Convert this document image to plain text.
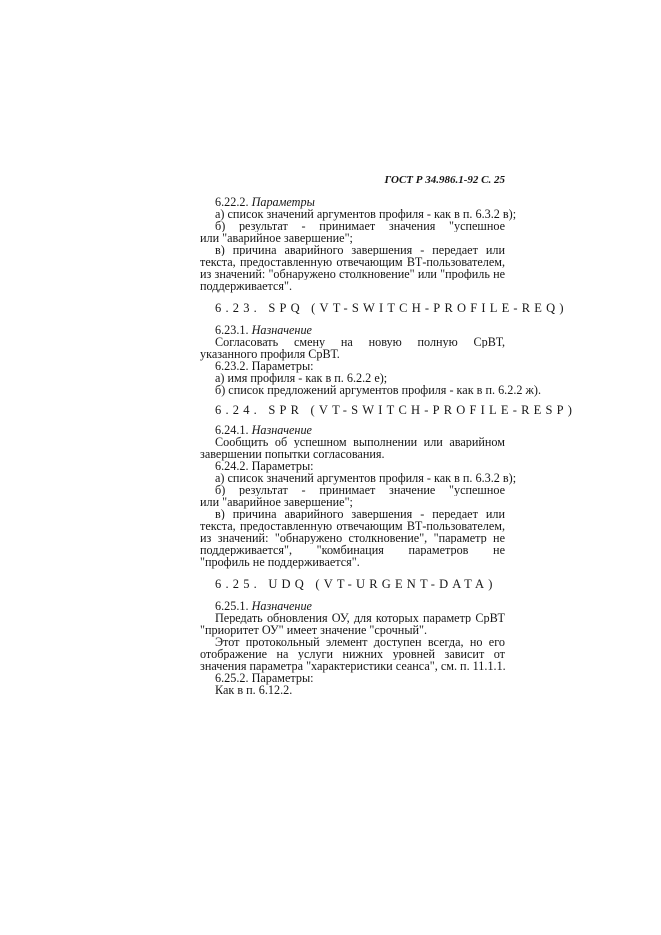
ГОСТ Р 34.986.1-92 С. 25
6.22.2. Параметры
а) список значений аргументов профиля - как в п. 6.3.2 в);
б) результат - принимает значения "успешное
или "аварийное завершение";
в) причина аварийного завершения - передает или
текста, предоставленную отвечающим ВТ-пользователем,
из значений: "обнаружено столкновение" или "профиль не
поддерживается".
6.23. SPQ (VT-SWITCH-PROFILE-REQ)
6.23.1. Назначение
Согласовать смену на новую полную СрВТ,
указанного профиля СрВТ.
6.23.2. Параметры:
а) имя профиля - как в п. 6.2.2 е);
б) список предложений аргументов профиля - как в п. 6.2.2 ж).
6.24. SPR (VT-SWITCH-PROFILE-RESP)
6.24.1. Назначение
Сообщить об успешном выполнении или аварийном
завершении попытки согласования.
6.24.2. Параметры:
а) список значений аргументов профиля - как в п. 6.3.2 в);
б) результат - принимает значение "успешное
или "аварийное завершение";
в) причина аварийного завершения - передает или
текста, предоставленную отвечающим ВТ-пользователем,
из значений: "обнаружено столкновение", "параметр не
поддерживается", "комбинация параметров не
"профиль не поддерживается".
6.25. UDQ (VT-URGENT-DATA)
6.25.1. Назначение
Передать обновления ОУ, для которых параметр СрВТ
"приоритет ОУ" имеет значение "срочный".
Этот протокольный элемент доступен всегда, но его
отображение на услуги нижних уровней зависит от
значения параметра "характеристики сеанса", см. п. 11.1.1.
6.25.2. Параметры:
Как в п. 6.12.2.
